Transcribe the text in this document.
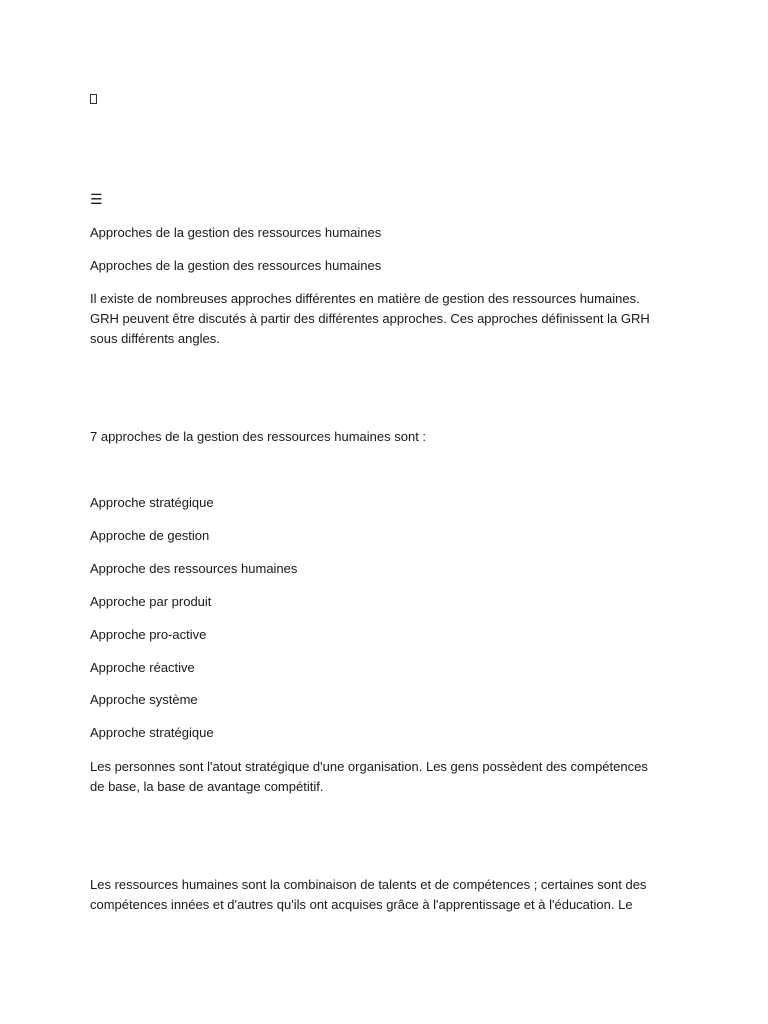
☰

Approches de la gestion des ressources humaines

Approches de la gestion des ressources humaines

Il existe de nombreuses approches différentes en matière de gestion des ressources humaines. GRH peuvent être discutés à partir des différentes approches. Ces approches définissent la GRH sous différents angles.

7 approches de la gestion des ressources humaines sont :

Approche stratégique

Approche de gestion

Approche des ressources humaines

Approche par produit

Approche pro-active

Approche réactive

Approche système

Approche stratégique

Les personnes sont l'atout stratégique d'une organisation. Les gens possèdent des compétences de base, la base de avantage compétitif.

Les ressources humaines sont la combinaison de talents et de compétences ; certaines sont des compétences innées et d'autres qu'ils ont acquises grâce à l'apprentissage et à l'éducation. Le
